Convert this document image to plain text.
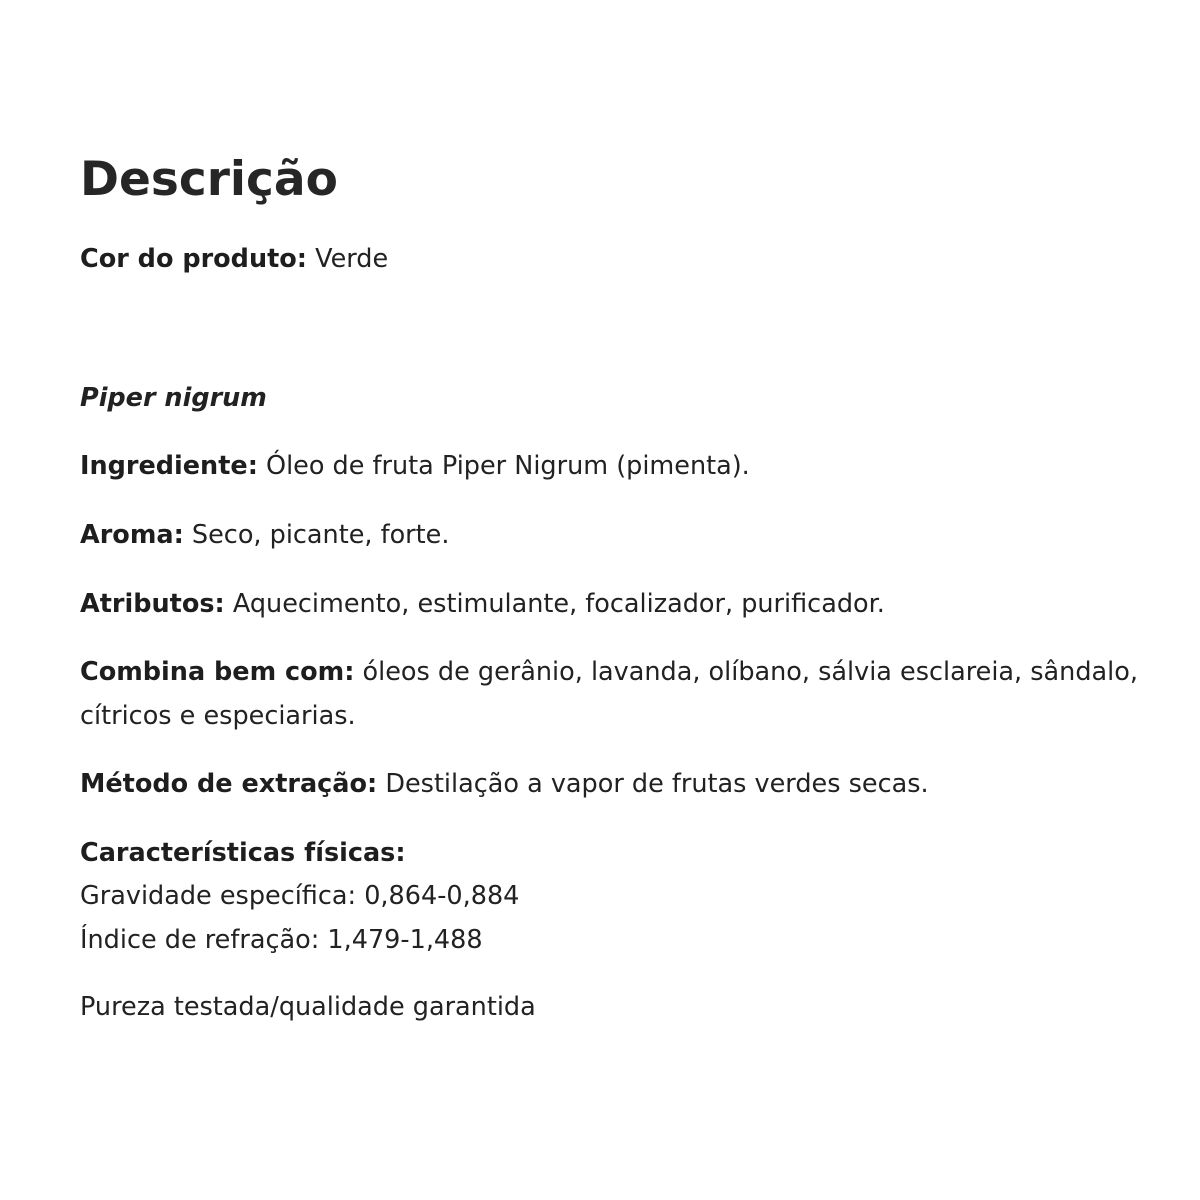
Descrição

Cor do produto: Verde

Piper nigrum

Ingrediente: Óleo de fruta Piper Nigrum (pimenta).

Aroma: Seco, picante, forte.

Atributos: Aquecimento, estimulante, focalizador, purificador.

Combina bem com: óleos de gerânio, lavanda, olíbano, sálvia esclareia, sândalo,

cítricos e especiarias.

Método de extração: Destilação a vapor de frutas verdes secas.

Características físicas:

Gravidade específica: 0,864-0,884

Índice de refração: 1,479-1,488

Pureza testada/qualidade garantida
